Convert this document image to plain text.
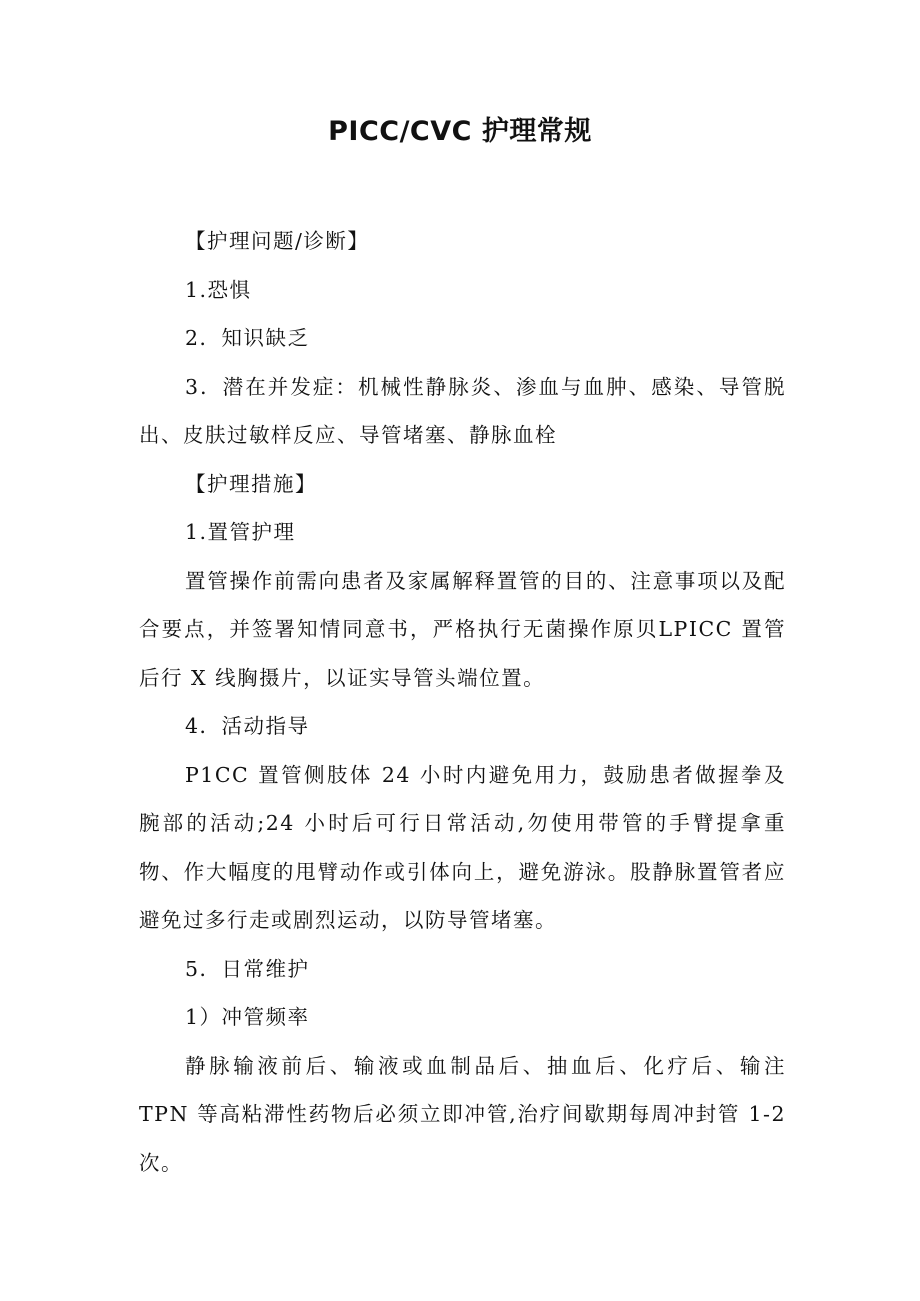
PICC/CVC 护理常规

【护理问题/诊断】

1.恐惧

2．知识缺乏

3．潜在并发症：机械性静脉炎、渗血与血肿、感染、导管脱出、皮肤过敏样反应、导管堵塞、静脉血栓

【护理措施】

1.置管护理

置管操作前需向患者及家属解释置管的目的、注意事项以及配合要点，并签署知情同意书，严格执行无菌操作原贝LPICC 置管后行 X 线胸摄片，以证实导管头端位置。

4．活动指导

P1CC 置管侧肢体 24 小时内避免用力，鼓励患者做握拳及腕部的活动;24 小时后可行日常活动,勿使用带管的手臂提拿重物、作大幅度的甩臂动作或引体向上，避免游泳。股静脉置管者应避免过多行走或剧烈运动，以防导管堵塞。

5．日常维护

1）冲管频率

静脉输液前后、输液或血制品后、抽血后、化疗后、输注 TPN 等高粘滞性药物后必须立即冲管,治疗间歇期每周冲封管 1-2 次。
